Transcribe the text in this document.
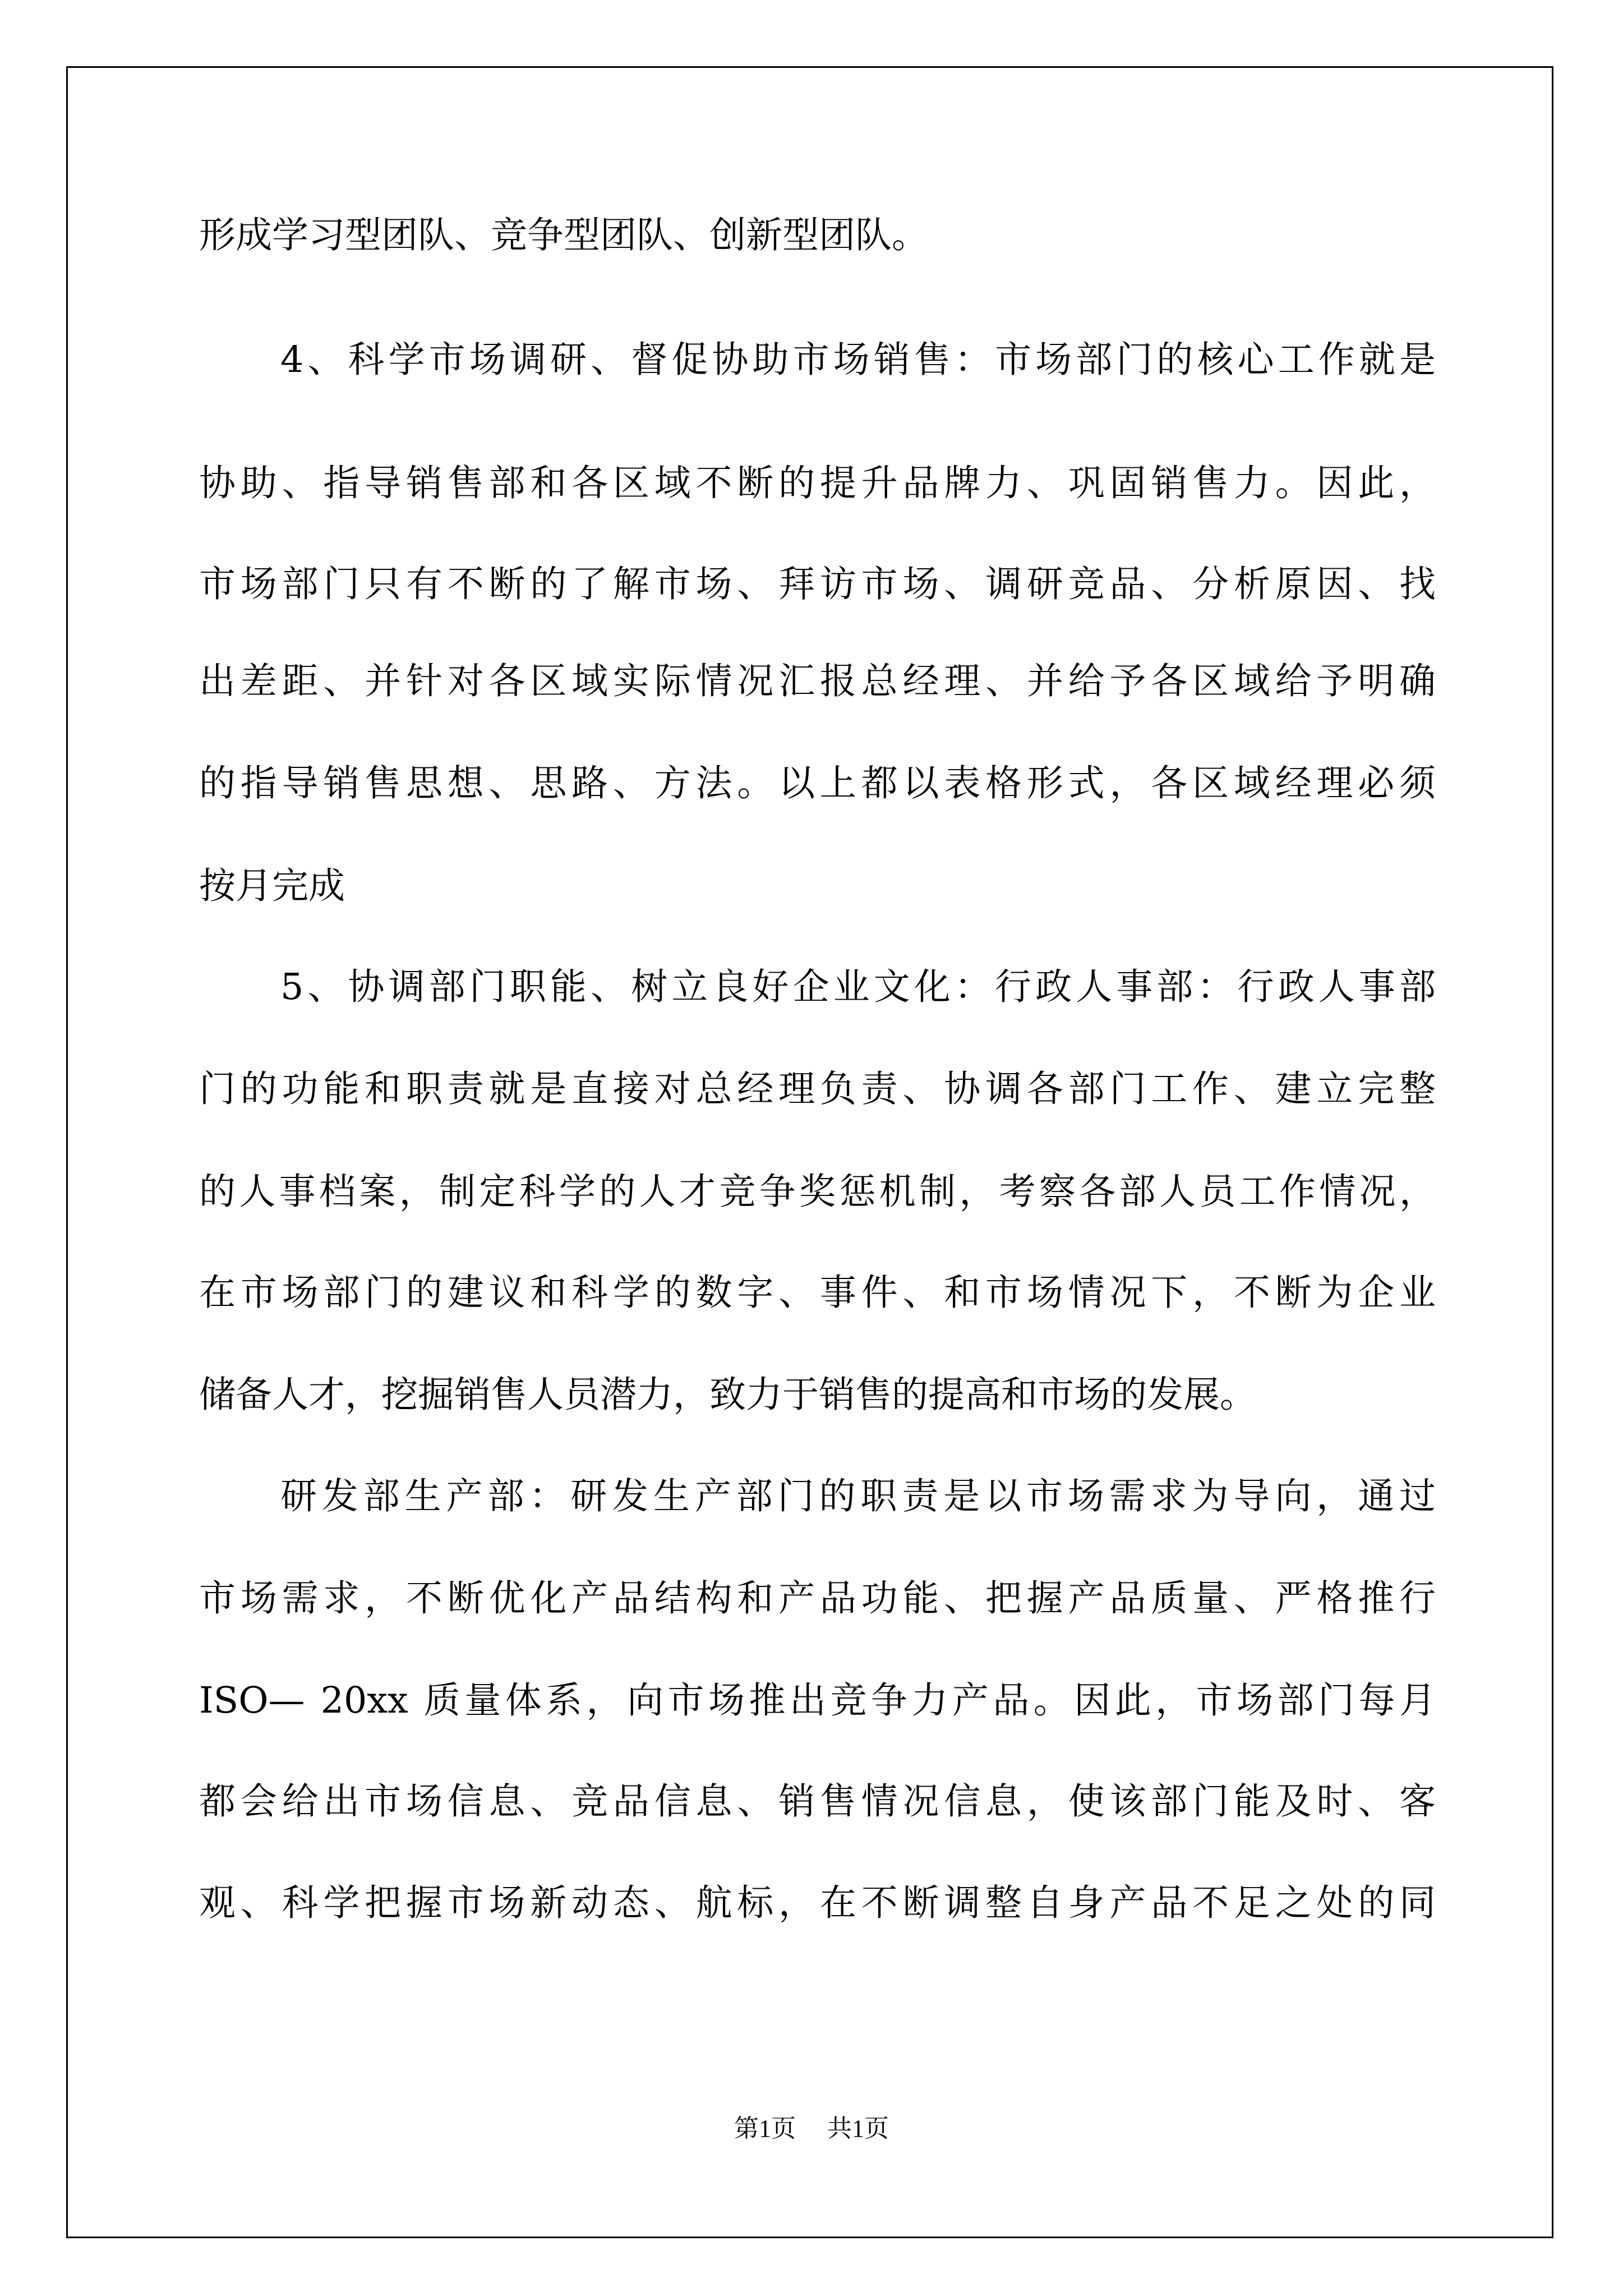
形成学习型团队、竞争型团队、创新型团队。
4、科学市场调研、督促协助市场销售：市场部门的核心工作就是
协助、指导销售部和各区域不断的提升品牌力、巩固销售力。因此，
市场部门只有不断的了解市场、拜访市场、调研竞品、分析原因、找
出差距、并针对各区域实际情况汇报总经理、并给予各区域给予明确
的指导销售思想、思路、方法。以上都以表格形式，各区域经理必须
按月完成
5、协调部门职能、树立良好企业文化：行政人事部：行政人事部
门的功能和职责就是直接对总经理负责、协调各部门工作、建立完整
的人事档案，制定科学的人才竞争奖惩机制，考察各部人员工作情况，
在市场部门的建议和科学的数字、事件、和市场情况下，不断为企业
储备人才，挖掘销售人员潜力，致力于销售的提高和市场的发展。
研发部生产部：研发生产部门的职责是以市场需求为导向，通过
市场需求，不断优化产品结构和产品功能、把握产品质量、严格推行
ISO— 20xx 质量体系，向市场推出竞争力产品。因此，市场部门每月
都会给出市场信息、竞品信息、销售情况信息，使该部门能及时、客
观、科学把握市场新动态、航标，在不断调整自身产品不足之处的同
第1页 共1页
